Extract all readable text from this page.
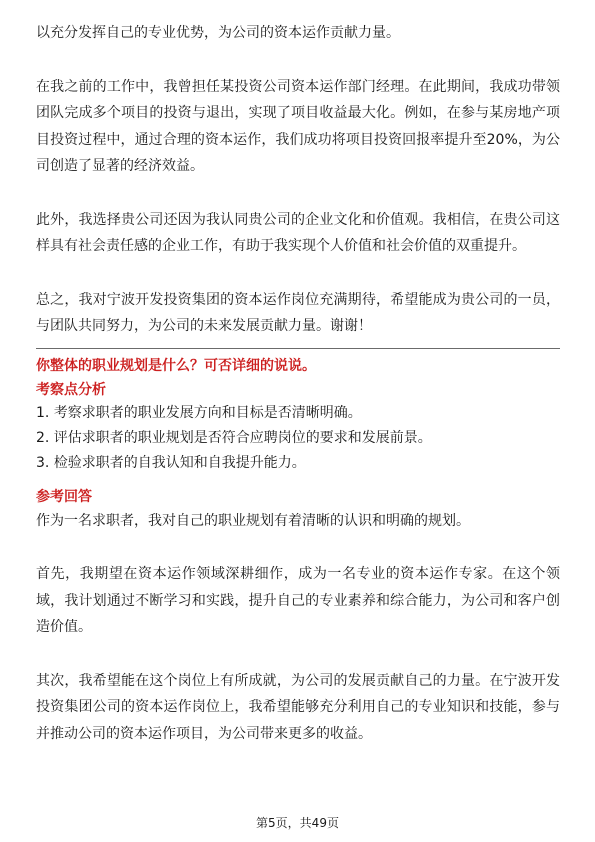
以充分发挥自己的专业优势，为公司的资本运作贡献力量。

在我之前的工作中，我曾担任某投资公司资本运作部门经理。在此期间，我成功带领团队完成多个项目的投资与退出，实现了项目收益最大化。例如，在参与某房地产项目投资过程中，通过合理的资本运作，我们成功将项目投资回报率提升至20%，为公司创造了显著的经济效益。

此外，我选择贵公司还因为我认同贵公司的企业文化和价值观。我相信，在贵公司这样具有社会责任感的企业工作，有助于我实现个人价值和社会价值的双重提升。

总之，我对宁波开发投资集团的资本运作岗位充满期待，希望能成为贵公司的一员，与团队共同努力，为公司的未来发展贡献力量。谢谢！

你整体的职业规划是什么？可否详细的说说。

考察点分析

1. 考察求职者的职业发展方向和目标是否清晰明确。
2. 评估求职者的职业规划是否符合应聘岗位的要求和发展前景。
3. 检验求职者的自我认知和自我提升能力。

参考回答

作为一名求职者，我对自己的职业规划有着清晰的认识和明确的规划。

首先，我期望在资本运作领域深耕细作，成为一名专业的资本运作专家。在这个领域，我计划通过不断学习和实践，提升自己的专业素养和综合能力，为公司和客户创造价值。

其次，我希望能在这个岗位上有所成就，为公司的发展贡献自己的力量。在宁波开发投资集团公司的资本运作岗位上，我希望能够充分利用自己的专业知识和技能，参与并推动公司的资本运作项目，为公司带来更多的收益。

第5页，共49页
